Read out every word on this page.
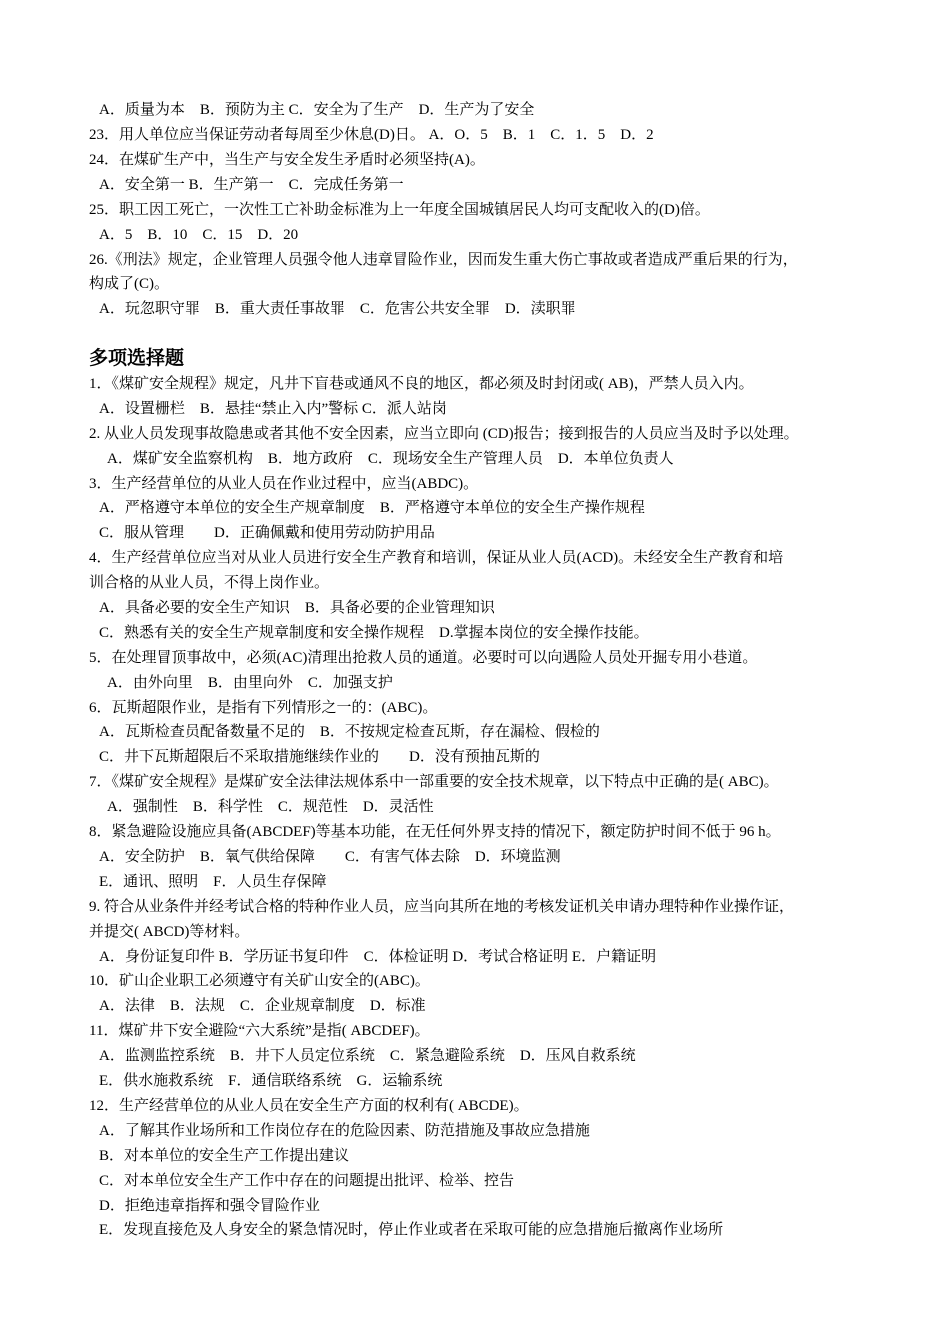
A．质量为本　B．预防为主 C．安全为了生产　D．生产为了安全
23．用人单位应当保证劳动者每周至少休息(D)日。 A．O．5　B．1　C．1．5　D．2
24．在煤矿生产中，当生产与安全发生矛盾时必须坚持(A)。
A．安全第一 B．生产第一　C．完成任务第一
25．职工因工死亡，一次性工亡补助金标准为上一年度全国城镇居民人均可支配收入的(D)倍。
A．5　B．10　C．15　D．20
26.《刑法》规定，企业管理人员强令他人违章冒险作业，因而发生重大伤亡事故或者造成严重后果的行为，
构成了(C)。
A．玩忽职守罪　B．重大责任事故罪　C．危害公共安全罪　D．渎职罪
多项选择题
1．《煤矿安全规程》规定，凡井下盲巷或通风不良的地区，都必须及时封闭或( AB)，严禁人员入内。
A．设置栅栏　B．悬挂“禁止入内”警标 C．派人站岗
2. 从业人员发现事故隐患或者其他不安全因素，应当立即向 (CD)报告；接到报告的人员应当及时予以处理。
A．煤矿安全监察机构　B．地方政府　C．现场安全生产管理人员　D．本单位负责人
3．生产经营单位的从业人员在作业过程中，应当(ABDC)。
A．严格遵守本单位的安全生产规章制度　B．严格遵守本单位的安全生产操作规程
C．服从管理　　D．正确佩戴和使用劳动防护用品
4．生产经营单位应当对从业人员进行安全生产教育和培训，保证从业人员(ACD)。未经安全生产教育和培
训合格的从业人员，不得上岗作业。
A．具备必要的安全生产知识　B．具备必要的企业管理知识
C．熟悉有关的安全生产规章制度和安全操作规程　D.掌握本岗位的安全操作技能。
5．在处理冒顶事故中，必须(AC)清理出抢救人员的通道。必要时可以向遇险人员处开掘专用小巷道。
A．由外向里　B．由里向外　C．加强支护
6．瓦斯超限作业，是指有下列情形之一的：(ABC)。
A．瓦斯检查员配备数量不足的　B．不按规定检查瓦斯，存在漏检、假检的
C．井下瓦斯超限后不采取措施继续作业的　　D．没有预抽瓦斯的
7．《煤矿安全规程》是煤矿安全法律法规体系中一部重要的安全技术规章，以下特点中正确的是( ABC)。
A．强制性　B．科学性　C．规范性　D．灵活性
8．紧急避险设施应具备(ABCDEF)等基本功能，在无任何外界支持的情况下，额定防护时间不低于 96 h。
A．安全防护　B．氧气供给保障　　C．有害气体去除　D．环境监测
E．通讯、照明　F．人员生存保障
9. 符合从业条件并经考试合格的特种作业人员，应当向其所在地的考核发证机关申请办理特种作业操作证，
并提交( ABCD)等材料。
A．身份证复印件 B．学历证书复印件　C．体检证明 D．考试合格证明 E．户籍证明
10．矿山企业职工必须遵守有关矿山安全的(ABC)。
A．法律　B．法规　C．企业规章制度　D．标准
11．煤矿井下安全避险“六大系统”是指( ABCDEF)。
A．监测监控系统　B．井下人员定位系统　C．紧急避险系统　D．压风自救系统
E．供水施救系统　F．通信联络系统　G．运输系统
12．生产经营单位的从业人员在安全生产方面的权利有( ABCDE)。
A．了解其作业场所和工作岗位存在的危险因素、防范措施及事故应急措施
B．对本单位的安全生产工作提出建议
C．对本单位安全生产工作中存在的问题提出批评、检举、控告
D．拒绝违章指挥和强令冒险作业
E．发现直接危及人身安全的紧急情况时，停止作业或者在采取可能的应急措施后撤离作业场所
